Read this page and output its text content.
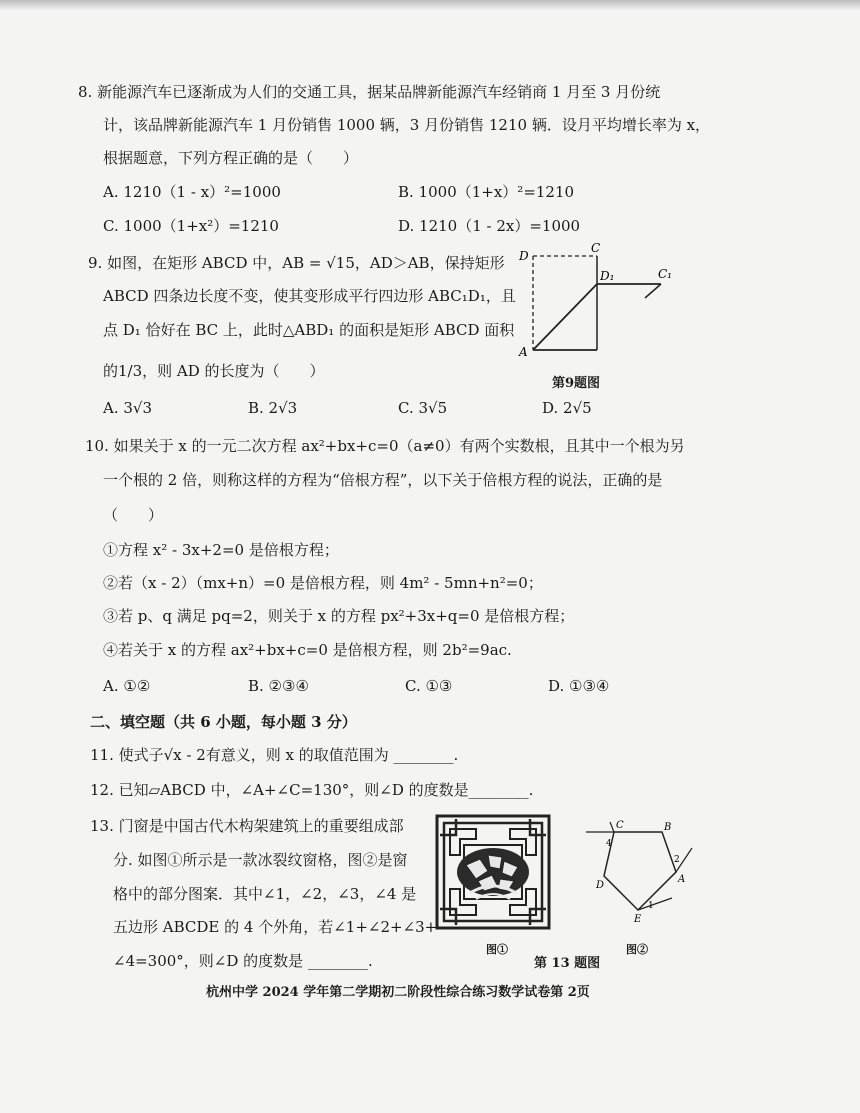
8. 新能源汽车已逐渐成为人们的交通工具，据某品牌新能源汽车经销商 1 月至 3 月份统
计，该品牌新能源汽车 1 月份销售 1000 辆，3 月份销售 1210 辆．设月平均增长率为 x，
根据题意，下列方程正确的是（　　）
A. 1210（1 - x）²=1000	B. 1000（1+x）²=1210
C. 1000（1+x²）=1210	D. 1210（1 - 2x）=1000
9. 如图，在矩形 ABCD 中，AB = √15，AD＞AB，保持矩形
ABCD 四条边长度不变，使其变形成平行四边形 ABC₁D₁，且
点 D₁ 恰好在 BC 上，此时△ABD₁ 的面积是矩形 ABCD 面积
的1/3，则 AD 的长度为（　　）
A. 3√3	B. 2√3	C. 3√5	D. 2√5
D
C
D₁	C₁
A
第9题图
10. 如果关于 x 的一元二次方程 ax²+bx+c=0（a≠0）有两个实数根，且其中一个根为另
一个根的 2 倍，则称这样的方程为“倍根方程”，以下关于倍根方程的说法，正确的是
（　　）
①方程 x² - 3x+2=0 是倍根方程；
②若（x - 2）（mx+n）=0 是倍根方程，则 4m² - 5mn+n²=0；
③若 p、q 满足 pq=2，则关于 x 的方程 px²+3x+q=0 是倍根方程；
④若关于 x 的方程 ax²+bx+c=0 是倍根方程，则 2b²=9ac.
A. ①②	B. ②③④	C. ①③	D. ①③④
二、填空题（共 6 小题，每小题 3 分）
11. 使式子√x - 2有意义，则 x 的取值范围为 ________.
12. 已知▱ABCD 中，∠A+∠C=130°，则∠D 的度数是________.
13. 门窗是中国古代木构架建筑上的重要组成部
分. 如图①所示是一款冰裂纹窗格，图②是窗
格中的部分图案．其中∠1，∠2，∠3，∠4 是
五边形 ABCDE 的 4 个外角，若∠1+∠2+∠3+
∠4=300°，则∠D 的度数是 ________.
图①
第 13 题图
C	B
A
D
E
1
2
4
图②
杭州中学 2024 学年第二学期初二阶段性综合练习数学试卷第 2页
